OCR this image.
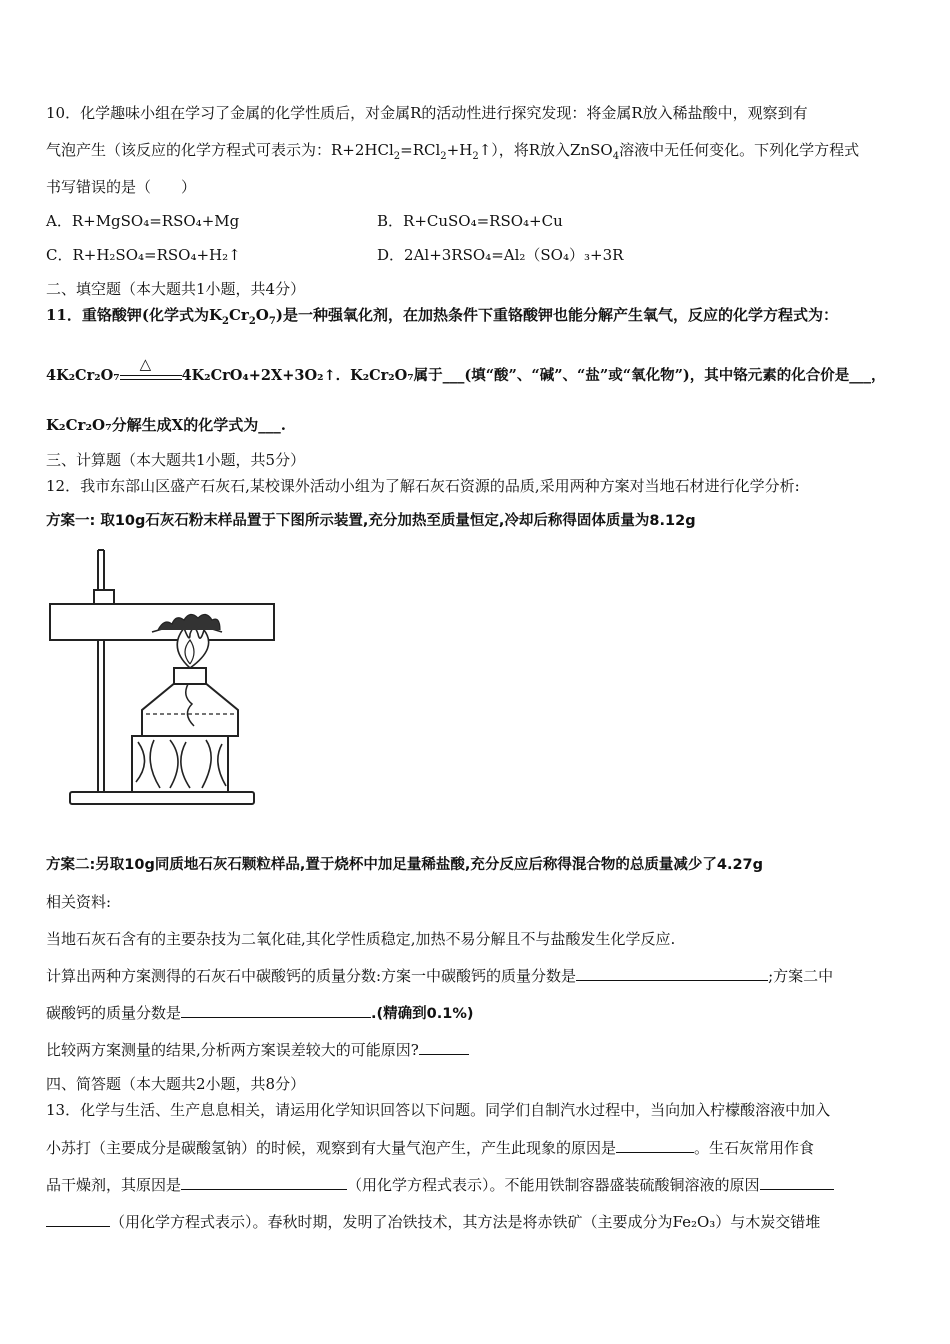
10．化学趣味小组在学习了金属的化学性质后，对金属R的活动性进行探究发现：将金属R放入稀盐酸中，观察到有
气泡产生（该反应的化学方程式可表示为：$R+2HCl_2=RCl_2+H_2↑$），将R放入ZnSO$_4$溶液中无任何变化。下列化学方程式
书写错误的是（　　）
A．R+MgSO₄=RSO₄+Mg	B．R+CuSO₄=RSO₄+Cu
C．R+H₂SO₄=RSO₄+H₂↑	D．2Al+3RSO₄=Al₂（SO₄）₃+3R
二、填空题（本大题共1小题，共4分）
11．重铬酸钾(化学式为$K_2Cr_2O_7$)是一种强氧化剂，在加热条件下重铬酸钾也能分解产生氧气，反应的化学方程式为：
4K₂Cr₂O₇
△
4K₂CrO₄+2X+3O₂↑．K₂Cr₂O₇属于___(填“酸”、“碱”、“盐”或“氧化物”)，其中铬元素的化合价是___，
K₂Cr₂O₇分解生成X的化学式为___.
三、计算题（本大题共1小题，共5分）
12．我市东部山区盛产石灰石,某校课外活动小组为了解石灰石资源的品质,采用两种方案对当地石材进行化学分析:
方案一: 取10g石灰石粉末样品置于下图所示装置,充分加热至质量恒定,冷却后称得固体质量为8.12g
方案二:另取10g同质地石灰石颗粒样品,置于烧杯中加足量稀盐酸,充分反应后称得混合物的总质量减少了4.27g
相关资料:
当地石灰石含有的主要杂技为二氧化硅,其化学性质稳定,加热不易分解且不与盐酸发生化学反应.
计算出两种方案测得的石灰石中碳酸钙的质量分数:方案一中碳酸钙的质量分数是	;方案二中
碳酸钙的质量分数是	.(精确到0.1%)
比较两方案测量的结果,分析两方案误差较大的可能原因?
四、简答题（本大题共2小题，共8分）
13．化学与生活、生产息息相关，请运用化学知识回答以下问题。同学们自制汽水过程中，当向加入柠檬酸溶液中加入
小苏打（主要成分是碳酸氢钠）的时候，观察到有大量气泡产生，产生此现象的原因是	。生石灰常用作食
品干燥剂，其原因是	（用化学方程式表示）。不能用铁制容器盛装硫酸铜溶液的原因
（用化学方程式表示）。春秋时期，发明了冶铁技术，其方法是将赤铁矿（主要成分为Fe₂O₃）与木炭交错堆
